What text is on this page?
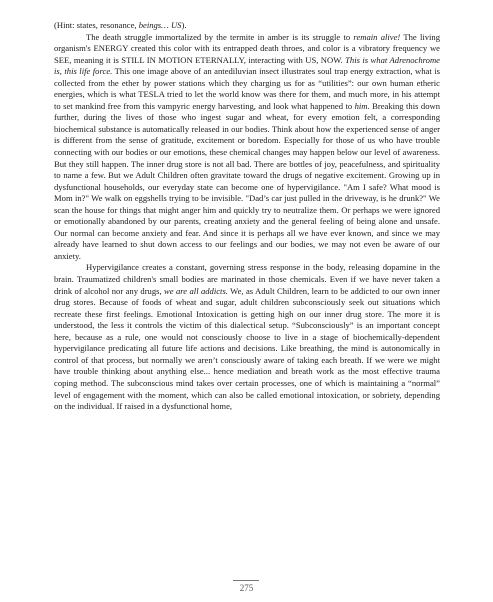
(Hint: states, resonance, beings… US).

The death struggle immortalized by the termite in amber is its struggle to remain alive! The living organism's ENERGY created this color with its entrapped death throes, and color is a vibratory frequency we SEE, meaning it is STILL IN MOTION ETERNALLY, interacting with US, NOW. This is what Adrenochrome is, this life force. This one image above of an antediluvian insect illustrates soul trap energy extraction, what is collected from the ether by power stations which they charging us for as “utilities”: our own human etheric energies, which is what TESLA tried to let the world know was there for them, and much more, in his attempt to set mankind free from this vampyric energy harvesting, and look what happened to him. Breaking this down further, during the lives of those who ingest sugar and wheat, for every emotion felt, a corresponding biochemical substance is automatically released in our bodies. Think about how the experienced sense of anger is different from the sense of gratitude, excitement or boredom. Especially for those of us who have trouble connecting with our bodies or our emotions, these chemical changes may happen below our level of awareness. But they still happen. The inner drug store is not all bad. There are bottles of joy, peacefulness, and spirituality to name a few. But we Adult Children often gravitate toward the drugs of negative excitement. Growing up in dysfunctional households, our everyday state can become one of hypervigilance. "Am I safe? What mood is Mom in?" We walk on eggshells trying to be invisible. "Dad’s car just pulled in the driveway, is he drunk?" We scan the house for things that might anger him and quickly try to neutralize them. Or perhaps we were ignored or emotionally abandoned by our parents, creating anxiety and the general feeling of being alone and unsafe. Our normal can become anxiety and fear. And since it is perhaps all we have ever known, and since we may already have learned to shut down access to our feelings and our bodies, we may not even be aware of our anxiety.

Hypervigilance creates a constant, governing stress response in the body, releasing dopamine in the brain. Traumatized children's small bodies are marinated in those chemicals. Even if we have never taken a drink of alcohol nor any drugs, we are all addicts. We, as Adult Children, learn to be addicted to our own inner drug stores. Because of foods of wheat and sugar, adult children subconsciously seek out situations which recreate these first feelings. Emotional Intoxication is getting high on our inner drug store. The more it is understood, the less it controls the victim of this dialectical setup. “Subconsciously” is an important concept here, because as a rule, one would not consciously choose to live in a stage of biochemically-dependent hypervigilance predicating all future life actions and decisions. Like breathing, the mind is autonomically in control of that process, but normally we aren’t consciously aware of taking each breath. If we were we might have trouble thinking about anything else... hence mediation and breath work as the most effective trauma coping method. The subconscious mind takes over certain processes, one of which is maintaining a “normal” level of engagement with the moment, which can also be called emotional intoxication, or sobriety, depending on the individual. If raised in a dysfunctional home,

275
